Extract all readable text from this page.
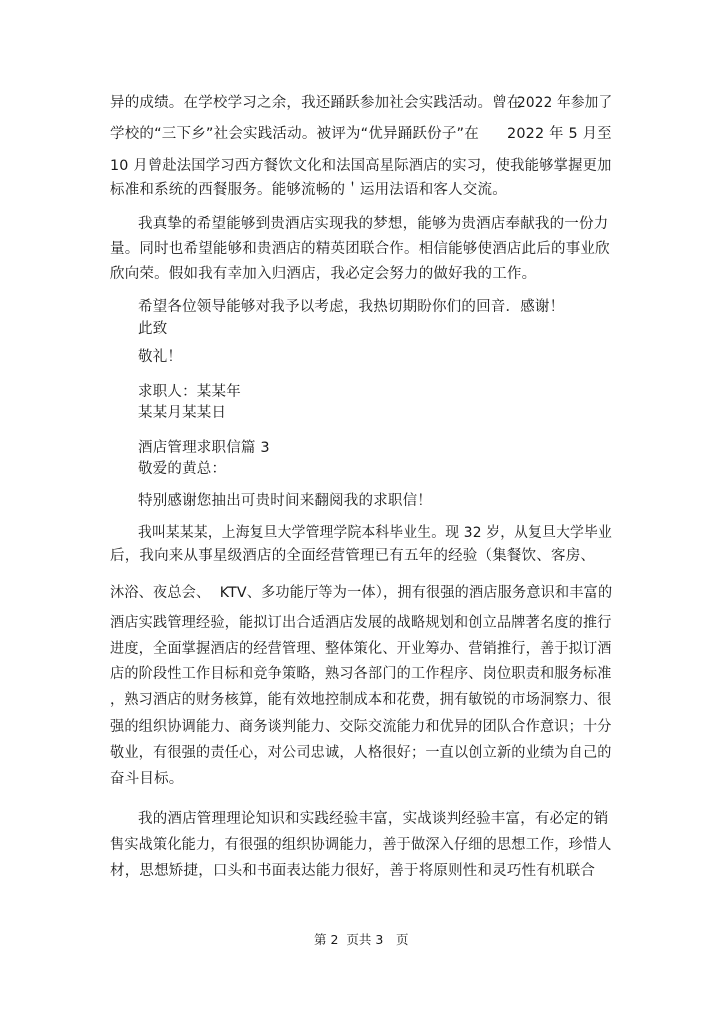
异的成绩。在学校学习之余，我还踊跃参加社会实践活动。曾在
2022 年参加了
学校的“三下乡”社会实践活动。被评为“优异踊跃份子”在 2022 年 5 月至
10 月曾赴法国学习西方餐饮文化和法国高星际酒店的实习，使我能够掌握更加
标准和系统的西餐服务。能够流畅的＇运用法语和客人交流。
我真挚的希望能够到贵酒店实现我的梦想，能够为贵酒店奉献我的一份力
量。同时也希望能够和贵酒店的精英团联合作。相信能够使酒店此后的事业欣
欣向荣。假如我有幸加入归酒店，我必定会努力的做好我的工作。
希望各位领导能够对我予以考虑，我热切期盼你们的回音．感谢！
此致
敬礼！
求职人：某某年
某某月某某日
酒店管理求职信篇 3
敬爱的黄总：
特别感谢您抽出可贵时间来翻阅我的求职信！
我叫某某某，上海复旦大学管理学院本科毕业生。现 32 岁，从复旦大学毕业
后，我向来从事星级酒店的全面经营管理已有五年的经验（集餐饮、客房、
沐浴、夜总会、  KTV、多功能厅等为一体），拥有很强的酒店服务意识和丰富的
酒店实践管理经验，能拟订出合适酒店发展的战略规划和创立品牌著名度的推行
进度，全面掌握酒店的经营管理、整体策化、开业筹办、营销推行，善于拟订酒
店的阶段性工作目标和竞争策略，熟习各部门的工作程序、岗位职责和服务标准
，熟习酒店的财务核算，能有效地控制成本和花费，拥有敏锐的市场洞察力、很
强的组织协调能力、商务谈判能力、交际交流能力和优异的团队合作意识；十分
敬业，有很强的责任心，对公司忠诚，人格很好；一直以创立新的业绩为自己的
奋斗目标。
我的酒店管理理论知识和实践经验丰富，实战谈判经验丰富，有必定的销
售实战策化能力，有很强的组织协调能力，善于做深入仔细的思想工作，珍惜人
材，思想矫捷，口头和书面表达能力很好，善于将原则性和灵巧性有机联合
第 2  页共 3 页
